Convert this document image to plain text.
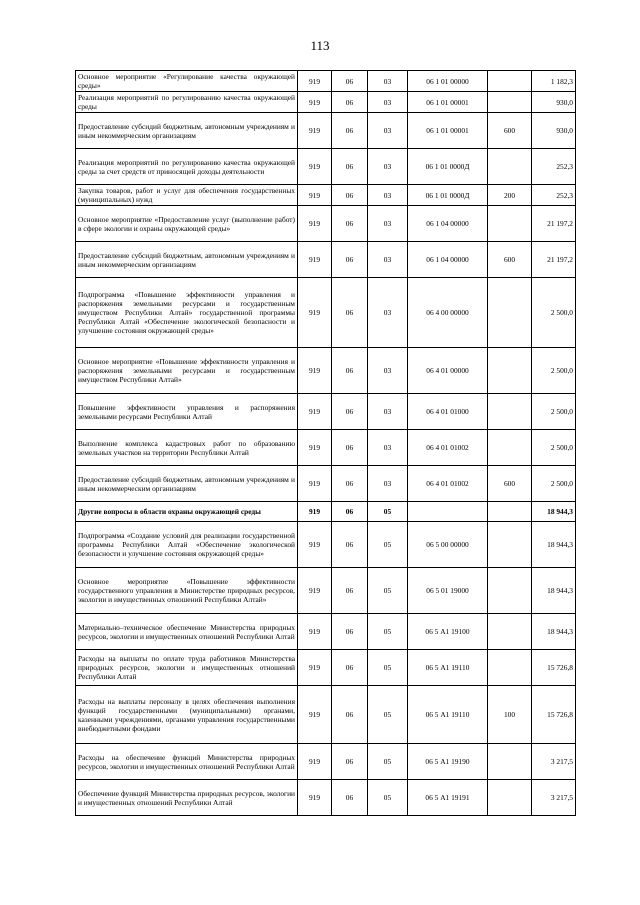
113
Основное мероприятие «Регулирование качества окружающей среды»	919	06	03	06 1 01 00000		1 182,3
Реализация мероприятий по регулированию качества окружающей среды	919	06	03	06 1 01 00001		930,0
Предоставление субсидий бюджетным, автономным учреждениям и иным некоммерческим организациям	919	06	03	06 1 01 00001	600	930,0
Реализация мероприятий по регулированию качества окружающей среды за счет средств от приносящей доходы деятельности	919	06	03	06 1 01 0000Д		252,3
Закупка товаров, работ и услуг для обеспечения государственных (муниципальных) нужд	919	06	03	06 1 01 0000Д	200	252,3
Основное мероприятие «Предоставление услуг (выполнение работ) в сфере экологии и охраны окружающей среды»	919	06	03	06 1 04 00000		21 197,2
Предоставление субсидий бюджетным, автономным учреждениям и иным некоммерческим организациям	919	06	03	06 1 04 00000	600	21 197,2
Подпрограмма «Повышение эффективности управления и распоряжения земельными ресурсами и государственным имуществом Республики Алтай» государственной программы Республики Алтай «Обеспечение экологической безопасности и улучшение состояния окружающей среды»	919	06	03	06 4 00 00000		2 500,0
Основное мероприятие «Повышение эффективности управления и распоряжения земельными ресурсами и государственным имуществом Республики Алтай»	919	06	03	06 4 01 00000		2 500,0
Повышение эффективности управления и распоряжения земельными ресурсами Республики Алтай	919	06	03	06 4 01 01000		2 500,0
Выполнение комплекса кадастровых работ по образованию земельных участков на территории Республики Алтай	919	06	03	06 4 01 01002		2 500,0
Предоставление субсидий бюджетным, автономным учреждениям и иным некоммерческим организациям	919	06	03	06 4 01 01002	600	2 500,0
Другие вопросы в области охраны окружающей среды	919	06	05			18 944,3
Подпрограмма «Создание условий для реализации государственной программы Республики Алтай «Обеспечение экологической безопасности и улучшение состояния окружающей среды»	919	06	05	06 5 00 00000		18 944,3
Основное мероприятие «Повышение эффективности государственного управления в Министерстве природных ресурсов, экологии и имущественных отношений Республики Алтай»	919	06	05	06 5 01 19000		18 944,3
Материально–техническое обеспечение Министерства природных ресурсов, экологии и имущественных отношений Республики Алтай	919	06	05	06 5 А1 19100		18 944,3
Расходы на выплаты по оплате труда работников Министерства природных ресурсов, экологии и имущественных отношений Республики Алтай	919	06	05	06 5 А1 19110		15 726,8
Расходы на выплаты персоналу в целях обеспечения выполнения функций государственными (муниципальными) органами, казенными учреждениями, органами управления государственными внебюджетными фондами	919	06	05	06 5 А1 19110	100	15 726,8
Расходы на обеспечение функций Министерства природных ресурсов, экологии и имущественных отношений Республики Алтай	919	06	05	06 5 А1 19190		3 217,5
Обеспечение функций Министерства природных ресурсов, экологии и имущественных отношений Республики Алтай	919	06	05	06 5 А1 19191		3 217,5
